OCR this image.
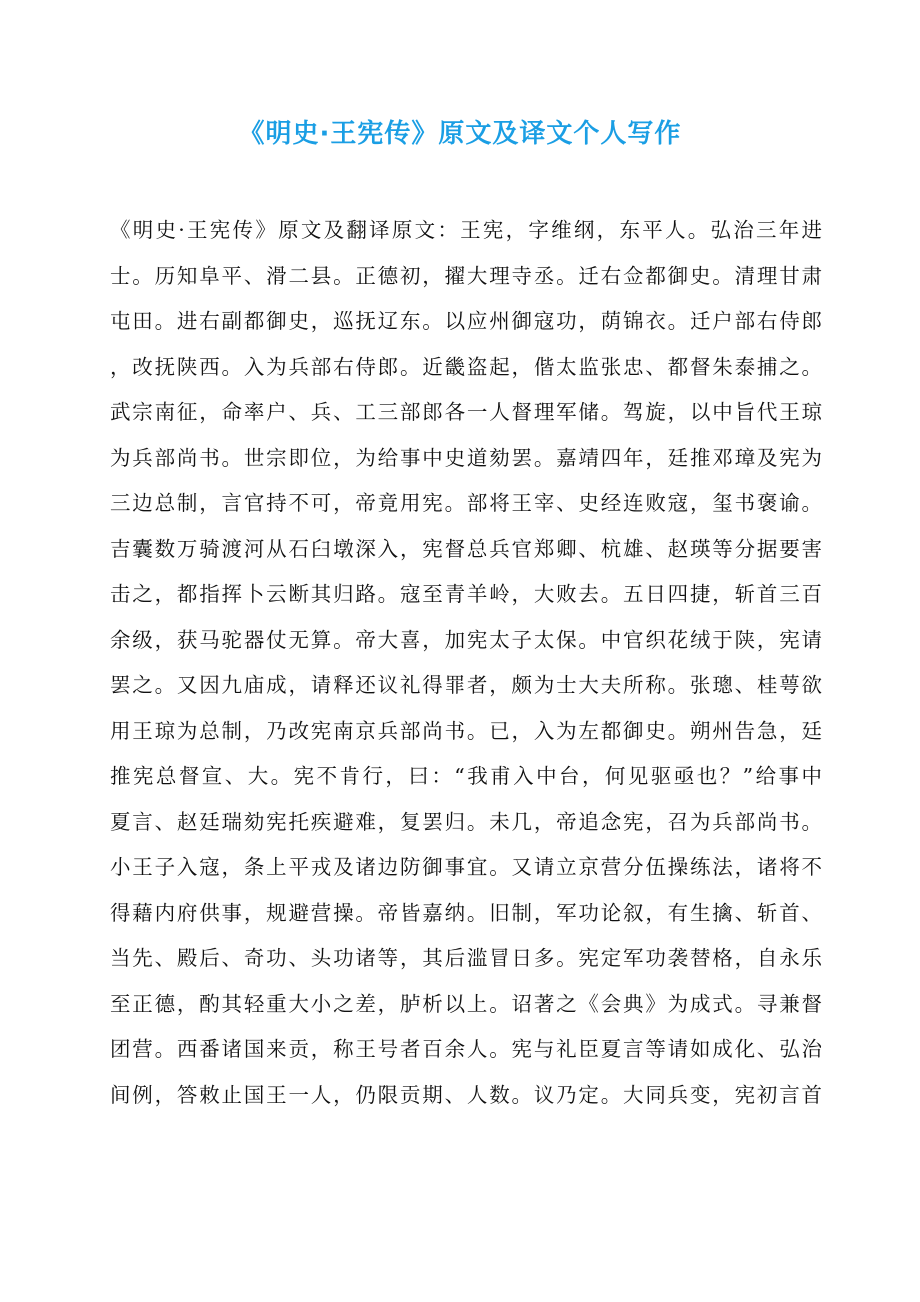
《明史·王宪传》原文及译文个人写作
《明史·王宪传》原文及翻译原文：王宪，字维纲，东平人。弘治三年进
士。历知阜平、滑二县。正德初，擢大理寺丞。迁右佥都御史。清理甘肃
屯田。进右副都御史，巡抚辽东。以应州御寇功，荫锦衣。迁户部右侍郎
，改抚陕西。入为兵部右侍郎。近畿盗起，偕太监张忠、都督朱泰捕之。
武宗南征，命率户、兵、工三部郎各一人督理军储。驾旋，以中旨代王琼
为兵部尚书。世宗即位，为给事中史道劾罢。嘉靖四年，廷推邓璋及宪为
三边总制，言官持不可，帝竟用宪。部将王宰、史经连败寇，玺书褒谕。
吉囊数万骑渡河从石臼墩深入，宪督总兵官郑卿、杭雄、赵瑛等分据要害
击之，都指挥卜云断其归路。寇至青羊岭，大败去。五日四捷，斩首三百
余级，获马驼器仗无算。帝大喜，加宪太子太保。中官织花绒于陕，宪请
罢之。又因九庙成，请释还议礼得罪者，颇为士大夫所称。张璁、桂萼欲
用王琼为总制，乃改宪南京兵部尚书。已，入为左都御史。朔州告急，廷
推宪总督宣、大。宪不肯行，曰：“我甫入中台，何见驱亟也？”给事中
夏言、赵廷瑞劾宪托疾避难，复罢归。未几，帝追念宪，召为兵部尚书。
小王子入寇，条上平戎及诸边防御事宜。又请立京营分伍操练法，诸将不
得藉内府供事，规避营操。帝皆嘉纳。旧制，军功论叙，有生擒、斩首、
当先、殿后、奇功、头功诸等，其后滥冒日多。宪定军功袭替格，自永乐
至正德，酌其轻重大小之差，胪析以上。诏著之《会典》为成式。寻兼督
团营。西番诸国来贡，称王号者百余人。宪与礼臣夏言等请如成化、弘治
间例，答敕止国王一人，仍限贡期、人数。议乃定。大同兵变，宪初言首
